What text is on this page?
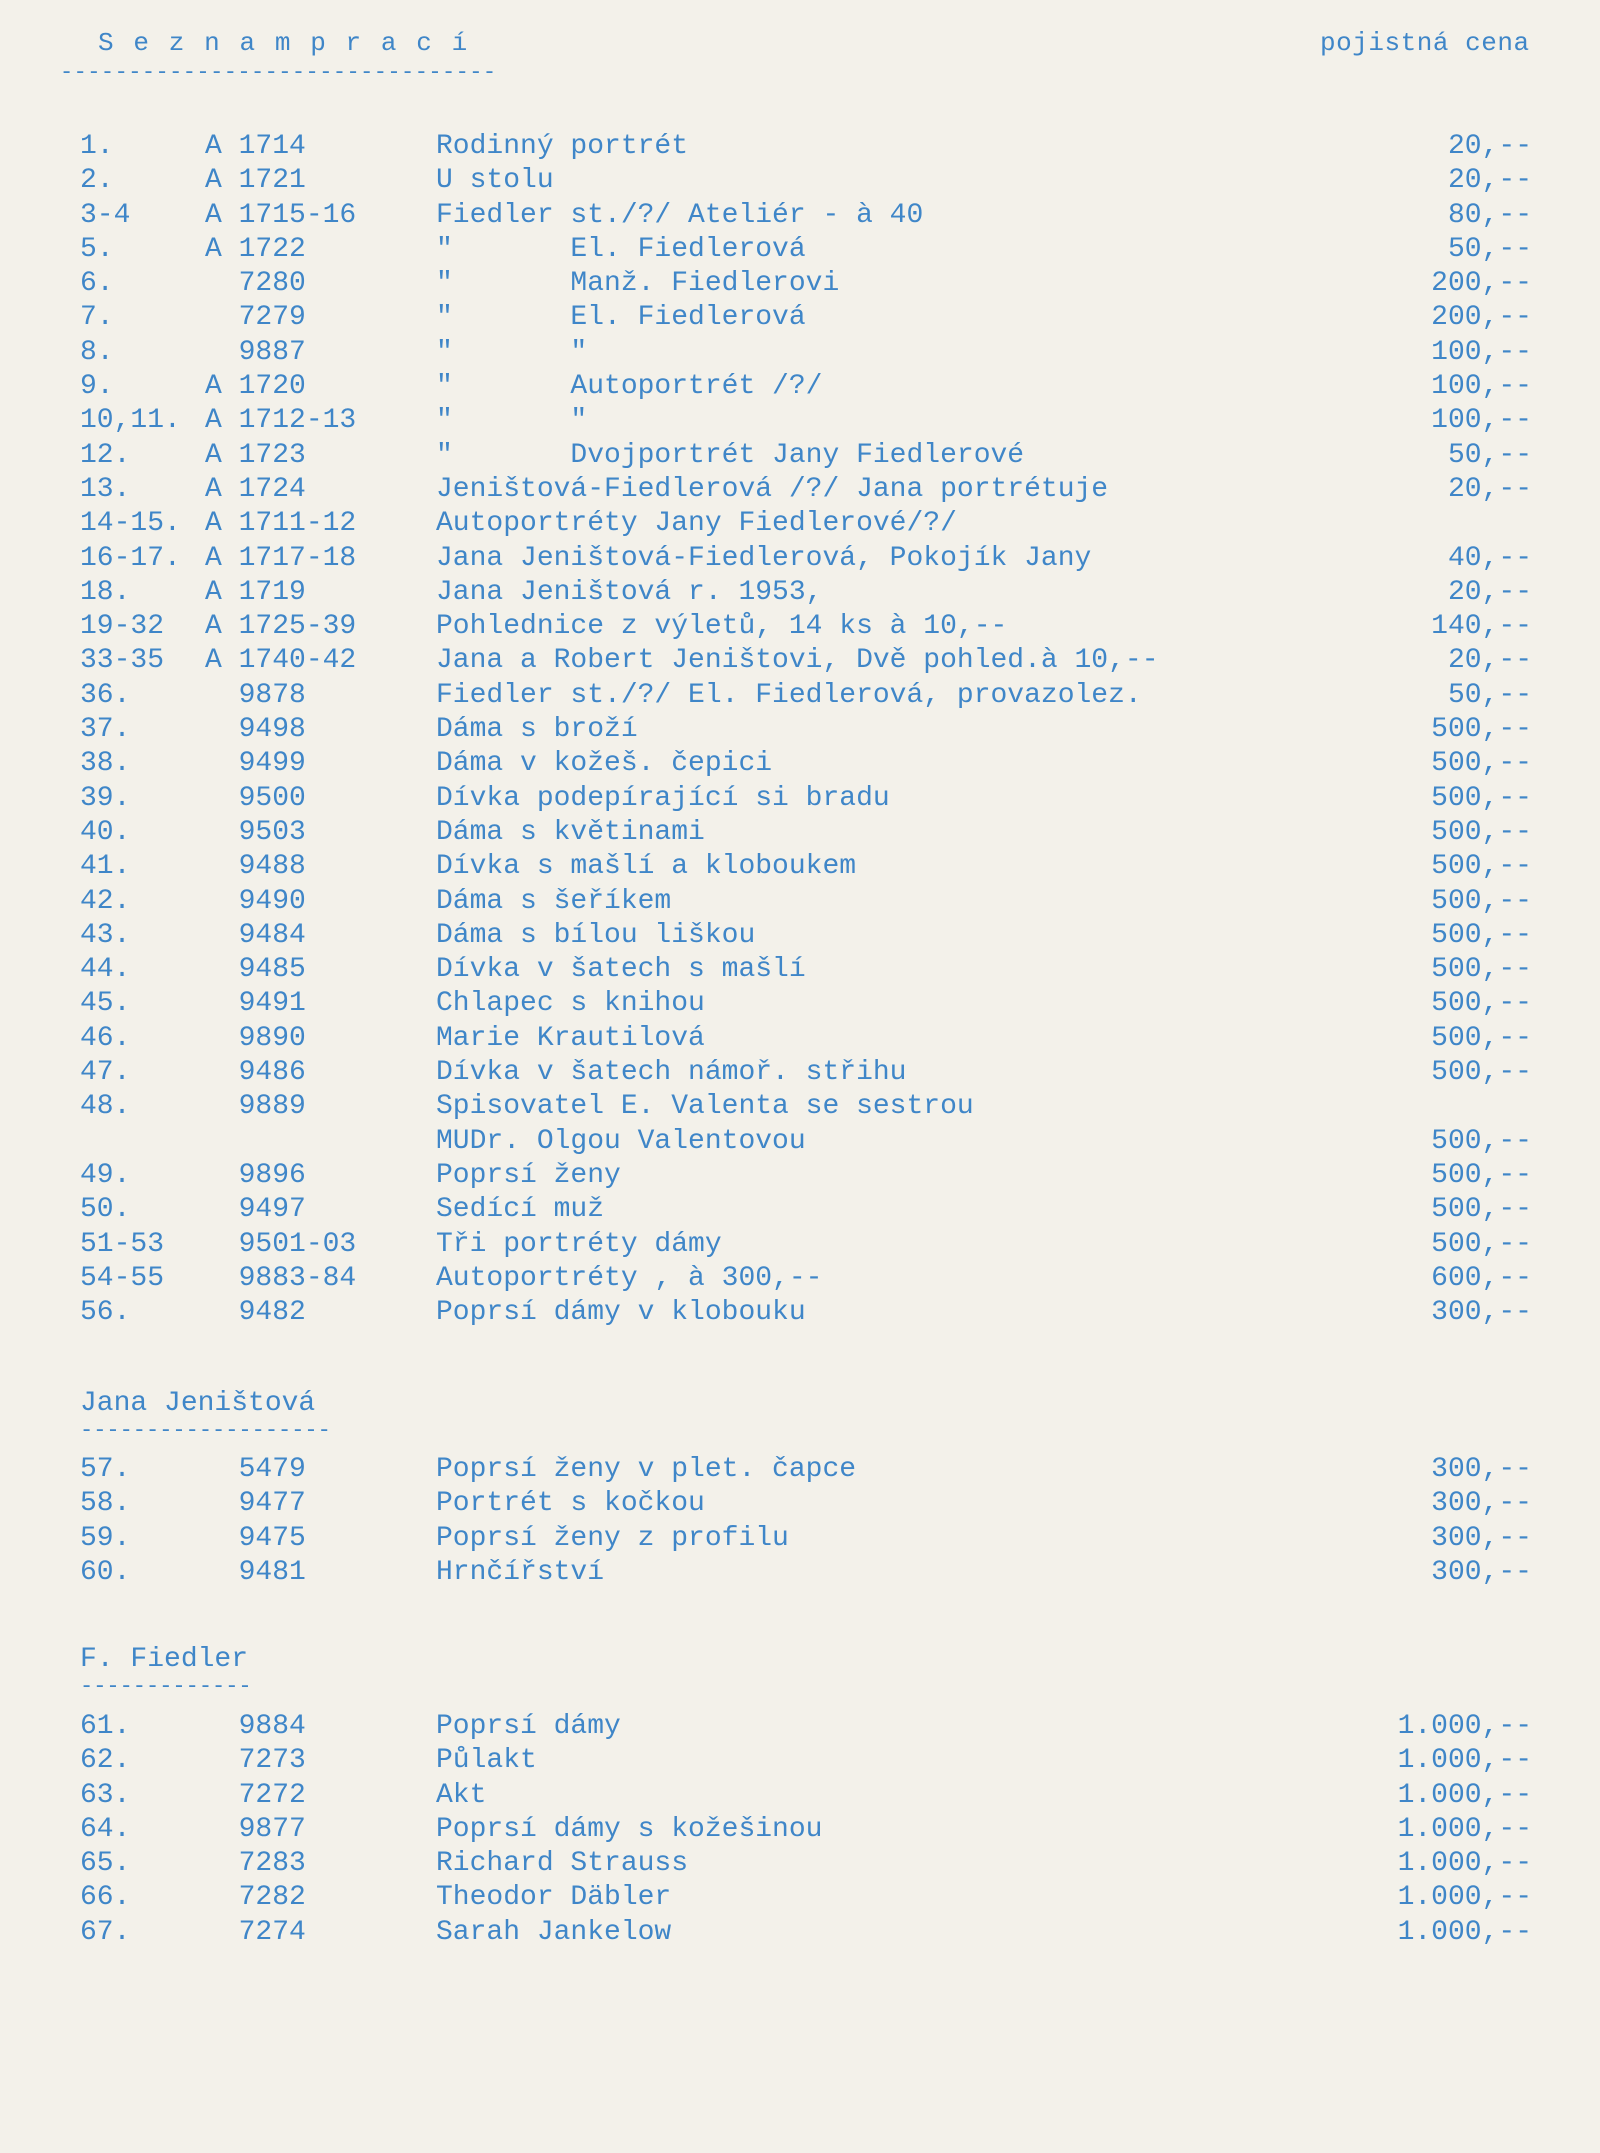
S e z n a m p r a c í
--------------------------------
pojistná cena
1.	A 1714	Rodinný portrét	20,--
2.	A 1721	U stolu	20,--
3-4	A 1715-16	Fiedler st./?/ Ateliér - à 40	80,--
5.	A 1722	"       El. Fiedlerová	50,--
6.	7280	"       Manž. Fiedlerovi	200,--
7.	7279	"       El. Fiedlerová	200,--
8.	9887	"       "	100,--
9.	A 1720	"       Autoportrét /?/	100,--
10,11. A 1712-13	"       "	100,--
12.	A 1723	"       Dvojportrét Jany Fiedlerové	50,--
13.	A 1724	Jeništová-Fiedlerová /?/ Jana portrétuje	20,--
14-15. A 1711-12	Autoportréty Jany Fiedlerové/?/
16-17. A 1717-18	Jana Jeništová-Fiedlerová, Pokojík Jany	40,--
18.	A 1719	Jana Jeništová r. 1953,	20,--
19-32 A 1725-39	Pohlednice z výletů, 14 ks à 10,--	140,--
33-35 A 1740-42	Jana a Robert Jeništovi, Dvě pohled.à 10,--	20,--
36.	9878	Fiedler st./?/ El. Fiedlerová, provazolez.	50,--
37.	9498	Dáma s broží	500,--
38.	9499	Dáma v kožeš. čepici	500,--
39.	9500	Dívka podepírající si bradu	500,--
40.	9503	Dáma s květinami	500,--
41.	9488	Dívka s mašlí a kloboukem	500,--
42.	9490	Dáma s šeříkem	500,--
43.	9484	Dáma s bílou liškou	500,--
44.	9485	Dívka v šatech s mašlí	500,--
45.	9491	Chlapec s knihou	500,--
46.	9890	Marie Krautilová	500,--
47.	9486	Dívka v šatech námoř. střihu	500,--
48.	9889	Spisovatel E. Valenta se sestrou
MUDr. Olgou Valentovou	500,--
49.	9896	Poprsí ženy	500,--
50.	9497	Sedící muž	500,--
51-53 9501-03	Tři portréty dámy	500,--
54-55 9883-84	Autoportréty , à 300,--	600,--
56.	9482	Poprsí dámy v klobouku	300,--
Jana Jeništová
-------------------
57.	5479	Poprsí ženy v plet. čapce	300,--
58.	9477	Portrét s kočkou	300,--
59.	9475	Poprsí ženy z profilu	300,--
60.	9481	Hrnčířství	300,--
F. Fiedler
-------------
61.	9884	Poprsí dámy	1.000,--
62.	7273	Půlakt	1.000,--
63.	7272	Akt	1.000,--
64.	9877	Poprsí dámy s kožešinou	1.000,--
65.	7283	Richard Strauss	1.000,--
66.	7282	Theodor Däbler	1.000,--
67.	7274	Sarah Jankelow	1.000,--
